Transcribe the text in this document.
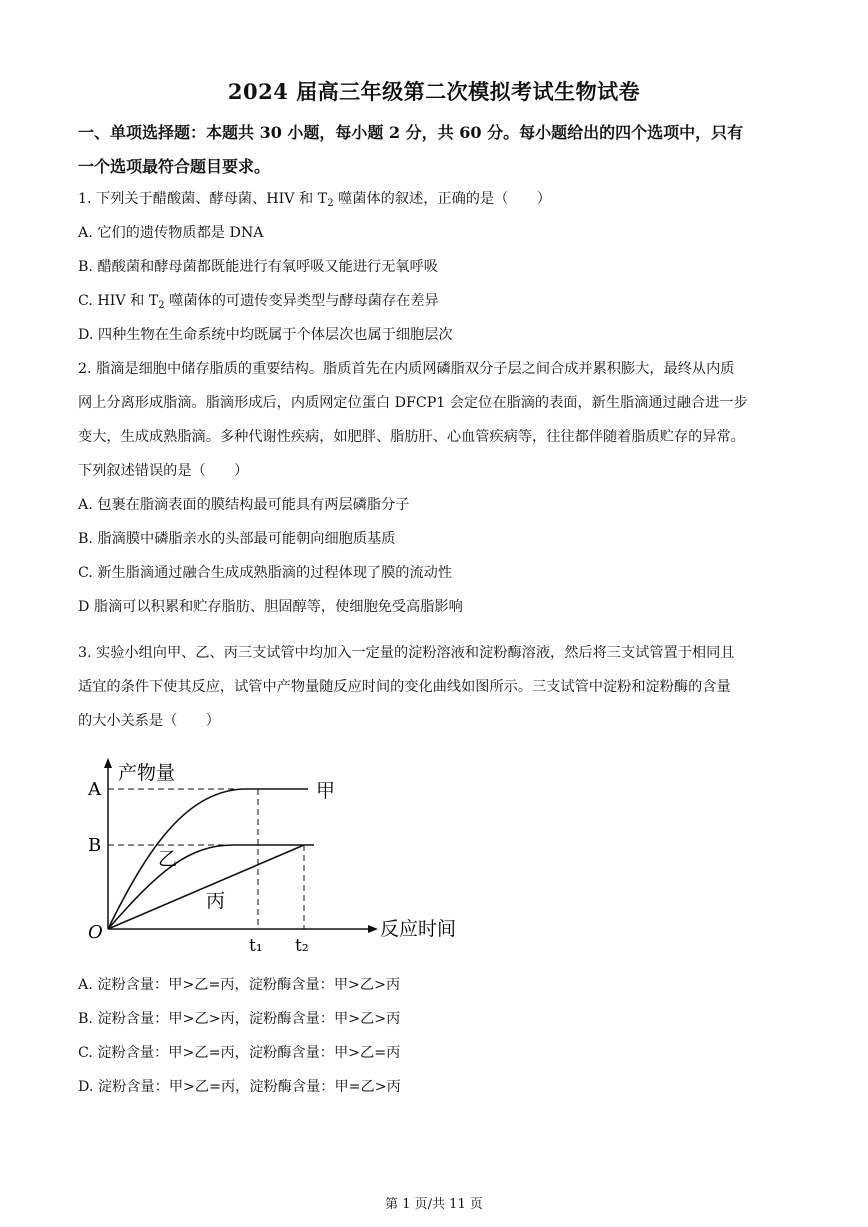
2024 届高三年级第二次模拟考试生物试卷
一、单项选择题：本题共 30 小题，每小题 2 分，共 60 分。每小题给出的四个选项中，只有
一个选项最符合题目要求。
1. 下列关于醋酸菌、酵母菌、HIV 和 $T_2$ 噬菌体的叙述，正确的是（　　）
A. 它们的遗传物质都是 DNA
B. 醋酸菌和酵母菌都既能进行有氧呼吸又能进行无氧呼吸
C. HIV 和 $T_2$ 噬菌体的可遗传变异类型与酵母菌存在差异
D. 四种生物在生命系统中均既属于个体层次也属于细胞层次
2. 脂滴是细胞中储存脂质的重要结构。脂质首先在内质网磷脂双分子层之间合成并累积膨大，最终从内质
网上分离形成脂滴。脂滴形成后，内质网定位蛋白 DFCP1 会定位在脂滴的表面，新生脂滴通过融合进一步
变大，生成成熟脂滴。多种代谢性疾病，如肥胖、脂肪肝、心血管疾病等，往往都伴随着脂质贮存的异常。
下列叙述错误的是（　　）
A. 包裹在脂滴表面的膜结构最可能具有两层磷脂分子
B. 脂滴膜中磷脂亲水的头部最可能朝向细胞质基质
C. 新生脂滴通过融合生成成熟脂滴的过程体现了膜的流动性
D 脂滴可以积累和贮存脂肪、胆固醇等，使细胞免受高脂影响
3. 实验小组向甲、乙、丙三支试管中均加入一定量的淀粉溶液和淀粉酶溶液，然后将三支试管置于相同且
适宜的条件下使其反应，试管中产物量随反应时间的变化曲线如图所示。三支试管中淀粉和淀粉酶的含量
的大小关系是（　　）
产物量
反应时间
O
A
B
t₁ t₂
甲
乙
丙
A. 淀粉含量：甲>乙=丙，淀粉酶含量：甲>乙>丙
B. 淀粉含量：甲>乙>丙，淀粉酶含量：甲>乙>丙
C. 淀粉含量：甲>乙=丙，淀粉酶含量：甲>乙=丙
D. 淀粉含量：甲>乙=丙，淀粉酶含量：甲=乙>丙
第 1 页/共 11 页
